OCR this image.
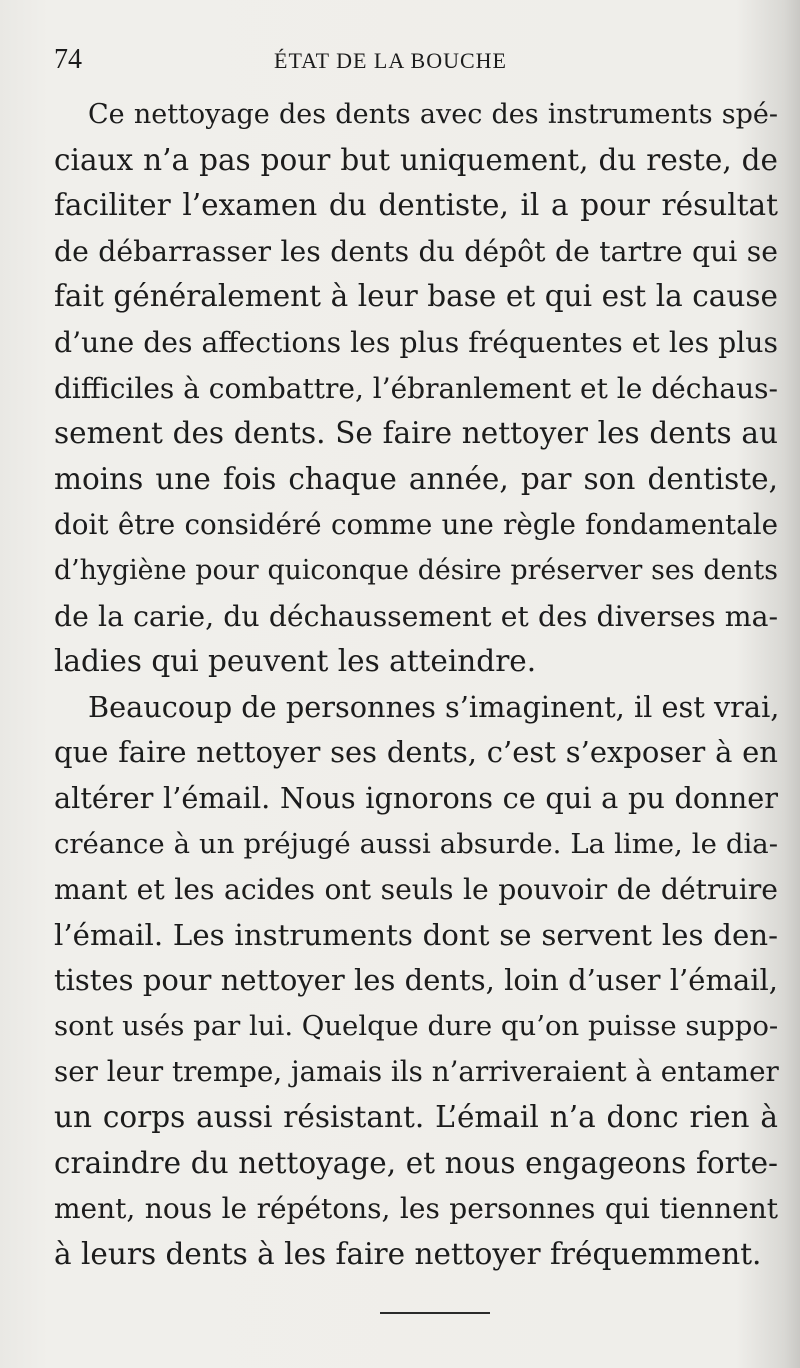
74	ÉTAT DE LA BOUCHE
Ce nettoyage des dents avec des instruments spé-
ciaux n’a pas pour but uniquement, du reste, de
faciliter l’examen du dentiste, il a pour résultat
de débarrasser les dents du dépôt de tartre qui se
fait généralement à leur base et qui est la cause
d’une des affections les plus fréquentes et les plus
difficiles à combattre, l’ébranlement et le déchaus-
sement des dents. Se faire nettoyer les dents au
moins une fois chaque année, par son dentiste,
doit être considéré comme une règle fondamentale
d’hygiène pour quiconque désire préserver ses dents
de la carie, du déchaussement et des diverses ma-
ladies qui peuvent les atteindre.
Beaucoup de personnes s’imaginent, il est vrai,
que faire nettoyer ses dents, c’est s’exposer à en
altérer l’émail. Nous ignorons ce qui a pu donner
créance à un préjugé aussi absurde. La lime, le dia-
mant et les acides ont seuls le pouvoir de détruire
l’émail. Les instruments dont se servent les den-
tistes pour nettoyer les dents, loin d’user l’émail,
sont usés par lui. Quelque dure qu’on puisse suppo-
ser leur trempe, jamais ils n’arriveraient à entamer
un corps aussi résistant. L’émail n’a donc rien à
craindre du nettoyage, et nous engageons forte-
ment, nous le répétons, les personnes qui tiennent
à leurs dents à les faire nettoyer fréquemment.
